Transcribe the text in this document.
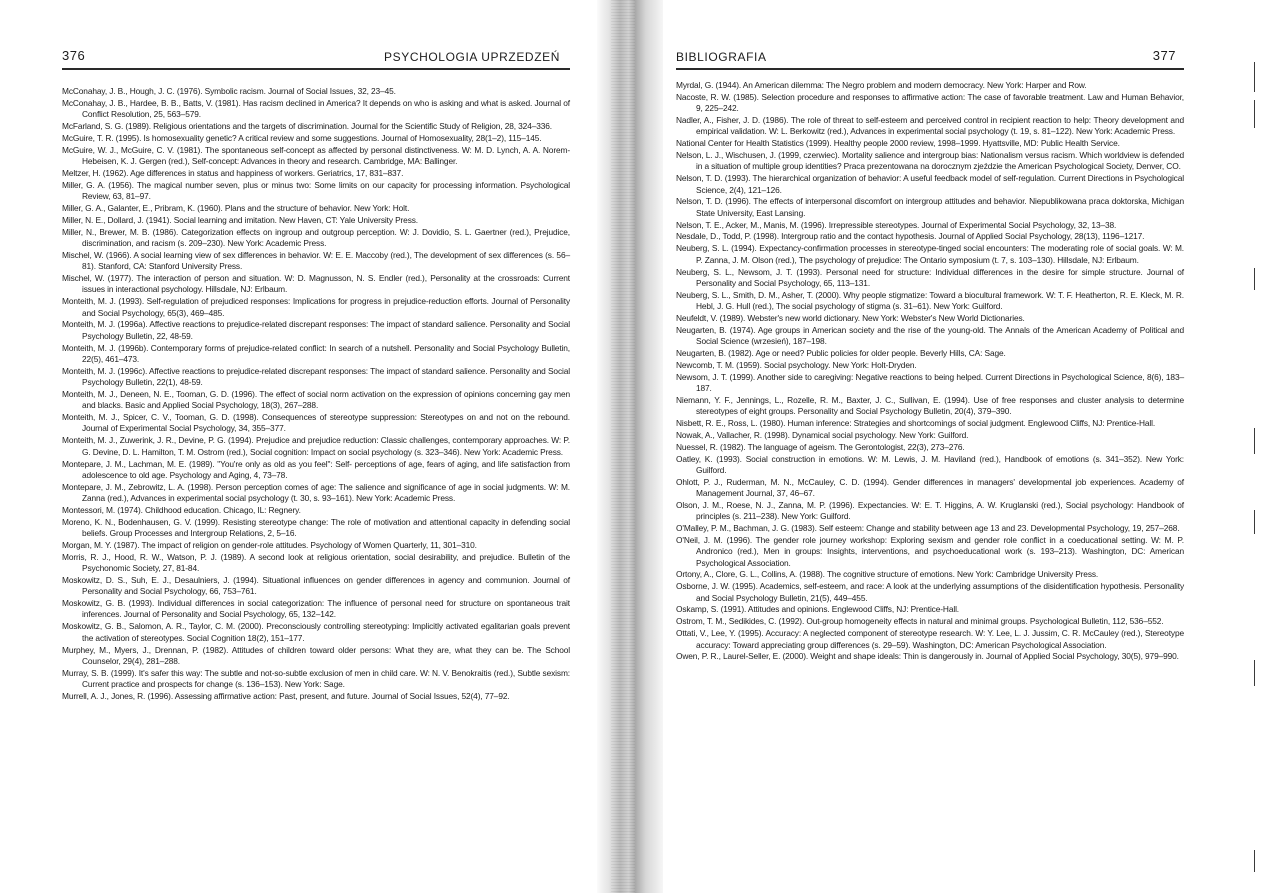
376	PSYCHOLOGIA UPRZEDZEŃ
McConahay, J. B., Hough, J. C. (1976). Symbolic racism. Journal of Social Issues, 32, 23–45.
McConahay, J. B., Hardee, B. B., Batts, V. (1981). Has racism declined in America? It depends on who is asking and what is asked. Journal of Conflict Resolution, 25, 563–579.
McFarland, S. G. (1989). Religious orientations and the targets of discrimination. Journal for the Scientific Study of Religion, 28, 324–336.
McGuire, T. R. (1995). Is homosexuality genetic? A critical review and some suggestions. Journal of Homosexuality, 28(1–2), 115–145.
McGuire, W. J., McGuire, C. V. (1981). The spontaneous self-concept as affected by personal distinctiveness. W: M. D. Lynch, A. A. Norem-Hebeisen, K. J. Gergen (red.), Self-concept: Advances in theory and research. Cambridge, MA: Ballinger.
Meltzer, H. (1962). Age differences in status and happiness of workers. Geriatrics, 17, 831–837.
Miller, G. A. (1956). The magical number seven, plus or minus two: Some limits on our capacity for processing information. Psychological Review, 63, 81–97.
Miller, G. A., Galanter, E., Pribram, K. (1960). Plans and the structure of behavior. New York: Holt.
Miller, N. E., Dollard, J. (1941). Social learning and imitation. New Haven, CT: Yale University Press.
Miller, N., Brewer, M. B. (1986). Categorization effects on ingroup and outgroup perception. W: J. Dovidio, S. L. Gaertner (red.), Prejudice, discrimination, and racism (s. 209–230). New York: Academic Press.
Mischel, W. (1966). A social learning view of sex differences in behavior. W: E. E. Maccoby (red.), The development of sex differences (s. 56–81). Stanford, CA: Stanford University Press.
Mischel, W. (1977). The interaction of person and situation. W: D. Magnusson, N. S. Endler (red.), Personality at the crossroads: Current issues in interactional psychology. Hillsdale, NJ: Erlbaum.
Monteith, M. J. (1993). Self-regulation of prejudiced responses: Implications for progress in prejudice-reduction efforts. Journal of Personality and Social Psychology, 65(3), 469–485.
Monteith, M. J. (1996a). Affective reactions to prejudice-related discrepant responses: The impact of standard salience. Personality and Social Psychology Bulletin, 22, 48-59.
Monteith, M. J. (1996b). Contemporary forms of prejudice-related conflict: In search of a nutshell. Personality and Social Psychology Bulletin, 22(5), 461–473.
Monteith, M. J. (1996c). Affective reactions to prejudice-related discrepant responses: The impact of standard salience. Personality and Social Psychology Bulletin, 22(1), 48-59.
Monteith, M. J., Deneen, N. E., Tooman, G. D. (1996). The effect of social norm activation on the expression of opinions concerning gay men and blacks. Basic and Applied Social Psychology, 18(3), 267–288.
Monteith, M. J., Spicer, C. V., Tooman, G. D. (1998). Consequences of stereotype suppression: Stereotypes on and not on the rebound. Journal of Experimental Social Psychology, 34, 355–377.
Monteith, M. J., Zuwerink, J. R., Devine, P. G. (1994). Prejudice and prejudice reduction: Classic challenges, contemporary approaches. W: P. G. Devine, D. L. Hamilton, T. M. Ostrom (red.), Social cognition: Impact on social psychology (s. 323–346). New York: Academic Press.
Montepare, J. M., Lachman, M. E. (1989). "You're only as old as you feel": Self- perceptions of age, fears of aging, and life satisfaction from adolescence to old age. Psychology and Aging, 4, 73–78.
Montepare, J. M., Zebrowitz, L. A. (1998). Person perception comes of age: The salience and significance of age in social judgments. W: M. Zanna (red.), Advances in experimental social psychology (t. 30, s. 93–161). New York: Academic Press.
Montessori, M. (1974). Childhood education. Chicago, IL: Regnery.
Moreno, K. N., Bodenhausen, G. V. (1999). Resisting stereotype change: The role of motivation and attentional capacity in defending social beliefs. Group Processes and Intergroup Relations, 2, 5–16.
Morgan, M. Y. (1987). The impact of religion on gender-role attitudes. Psychology of Women Quarterly, 11, 301–310.
Morris, R. J., Hood, R. W., Watson, P. J. (1989). A second look at religious orientation, social desirability, and prejudice. Bulletin of the Psychonomic Society, 27, 81-84.
Moskowitz, D. S., Suh, E. J., Desaulniers, J. (1994). Situational influences on gender differences in agency and communion. Journal of Personality and Social Psychology, 66, 753–761.
Moskowitz, G. B. (1993). Individual differences in social categorization: The influence of personal need for structure on spontaneous trait inferences. Journal of Personality and Social Psychology, 65, 132–142.
Moskowitz, G. B., Salomon, A. R., Taylor, C. M. (2000). Preconsciously controlling stereotyping: Implicitly activated egalitarian goals prevent the activation of stereotypes. Social Cognition 18(2), 151–177.
Murphey, M., Myers, J., Drennan, P. (1982). Attitudes of children toward older persons: What they are, what they can be. The School Counselor, 29(4), 281–288.
Murray, S. B. (1999). It's safer this way: The subtle and not-so-subtle exclusion of men in child care. W: N. V. Benokraitis (red.), Subtle sexism: Current practice and prospects for change (s. 136–153). New York: Sage.
Murrell, A. J., Jones, R. (1996). Assessing affirmative action: Past, present, and future. Journal of Social Issues, 52(4), 77–92.
BIBLIOGRAFIA	377
Myrdal, G. (1944). An American dilemma: The Negro problem and modern democracy. New York: Harper and Row.
Nacoste, R. W. (1985). Selection procedure and responses to affirmative action: The case of favorable treatment. Law and Human Behavior, 9, 225–242.
Nadler, A., Fisher, J. D. (1986). The role of threat to self-esteem and perceived control in recipient reaction to help: Theory development and empirical validation. W: L. Berkowitz (red.), Advances in experimental social psychology (t. 19, s. 81–122). New York: Academic Press.
National Center for Health Statistics (1999). Healthy people 2000 review, 1998–1999. Hyattsville, MD: Public Health Service.
Nelson, L. J., Wischusen, J. (1999, czerwiec). Mortality salience and intergroup bias: Nationalism versus racism. Which worldview is defended in a situation of multiple group identities? Praca prezentowana na dorocznym zjeździe the American Psychological Society, Denver, CO.
Nelson, T. D. (1993). The hierarchical organization of behavior: A useful feedback model of self-regulation. Current Directions in Psychological Science, 2(4), 121–126.
Nelson, T. D. (1996). The effects of interpersonal discomfort on intergroup attitudes and behavior. Niepublikowana praca doktorska, Michigan State University, East Lansing.
Nelson, T. E., Acker, M., Manis, M. (1996). Irrepressible stereotypes. Journal of Experimental Social Psychology, 32, 13–38.
Nesdale, D., Todd, P. (1998). Intergroup ratio and the contact hypothesis. Journal of Applied Social Psychology, 28(13), 1196–1217.
Neuberg, S. L. (1994). Expectancy-confirmation processes in stereotype-tinged social encounters: The moderating role of social goals. W: M. P. Zanna, J. M. Olson (red.), The psychology of prejudice: The Ontario symposium (t. 7, s. 103–130). Hillsdale, NJ: Erlbaum.
Neuberg, S. L., Newsom, J. T. (1993). Personal need for structure: Individual differences in the desire for simple structure. Journal of Personality and Social Psychology, 65, 113–131.
Neuberg, S. L., Smith, D. M., Asher, T. (2000). Why people stigmatize: Toward a biocultural framework. W: T. F. Heatherton, R. E. Kleck, M. R. Hebl, J. G. Hull (red.), The social psychology of stigma (s. 31–61). New York: Guilford.
Neufeldt, V. (1989). Webster's new world dictionary. New York: Webster's New World Dictionaries.
Neugarten, B. (1974). Age groups in American society and the rise of the young-old. The Annals of the American Academy of Political and Social Science (wrzesień), 187–198.
Neugarten, B. (1982). Age or need? Public policies for older people. Beverly Hills, CA: Sage.
Newcomb, T. M. (1959). Social psychology. New York: Holt-Dryden.
Newsom, J. T. (1999). Another side to caregiving: Negative reactions to being helped. Current Directions in Psychological Science, 8(6), 183–187.
Niemann, Y. F., Jennings, L., Rozelle, R. M., Baxter, J. C., Sullivan, E. (1994). Use of free responses and cluster analysis to determine stereotypes of eight groups. Personality and Social Psychology Bulletin, 20(4), 379–390.
Nisbett, R. E., Ross, L. (1980). Human inference: Strategies and shortcomings of social judgment. Englewood Cliffs, NJ: Prentice-Hall.
Nowak, A., Vallacher, R. (1998). Dynamical social psychology. New York: Guilford.
Nuessel, R. (1982). The language of ageism. The Gerontologist, 22(3), 273–276.
Oatley, K. (1993). Social construction in emotions. W: M. Lewis, J. M. Haviland (red.), Handbook of emotions (s. 341–352). New York: Guilford.
Ohlott, P. J., Ruderman, M. N., McCauley, C. D. (1994). Gender differences in managers' developmental job experiences. Academy of Management Journal, 37, 46–67.
Olson, J. M., Roese, N. J., Zanna, M. P. (1996). Expectancies. W: E. T. Higgins, A. W. Kruglanski (red.), Social psychology: Handbook of principles (s. 211–238). New York: Guilford.
O'Malley, P. M., Bachman, J. G. (1983). Self esteem: Change and stability between age 13 and 23. Developmental Psychology, 19, 257–268.
O'Neil, J. M. (1996). The gender role journey workshop: Exploring sexism and gender role conflict in a coeducational setting. W: M. P. Andronico (red.), Men in groups: Insights, interventions, and psychoeducational work (s. 193–213). Washington, DC: American Psychological Association.
Ortony, A., Clore, G. L., Collins, A. (1988). The cognitive structure of emotions. New York: Cambridge University Press.
Osborne, J. W. (1995). Academics, self-esteem, and race: A look at the underlying assumptions of the disidentification hypothesis. Personality and Social Psychology Bulletin, 21(5), 449–455.
Oskamp, S. (1991). Attitudes and opinions. Englewood Cliffs, NJ: Prentice-Hall.
Ostrom, T. M., Sedikides, C. (1992). Out-group homogeneity effects in natural and minimal groups. Psychological Bulletin, 112, 536–552.
Ottati, V., Lee, Y. (1995). Accuracy: A neglected component of stereotype research. W: Y. Lee, L. J. Jussim, C. R. McCauley (red.), Stereotype accuracy: Toward appreciating group differences (s. 29–59). Washington, DC: American Psychological Association.
Owen, P. R., Laurel-Seller, E. (2000). Weight and shape ideals: Thin is dangerously in. Journal of Applied Social Psychology, 30(5), 979–990.
